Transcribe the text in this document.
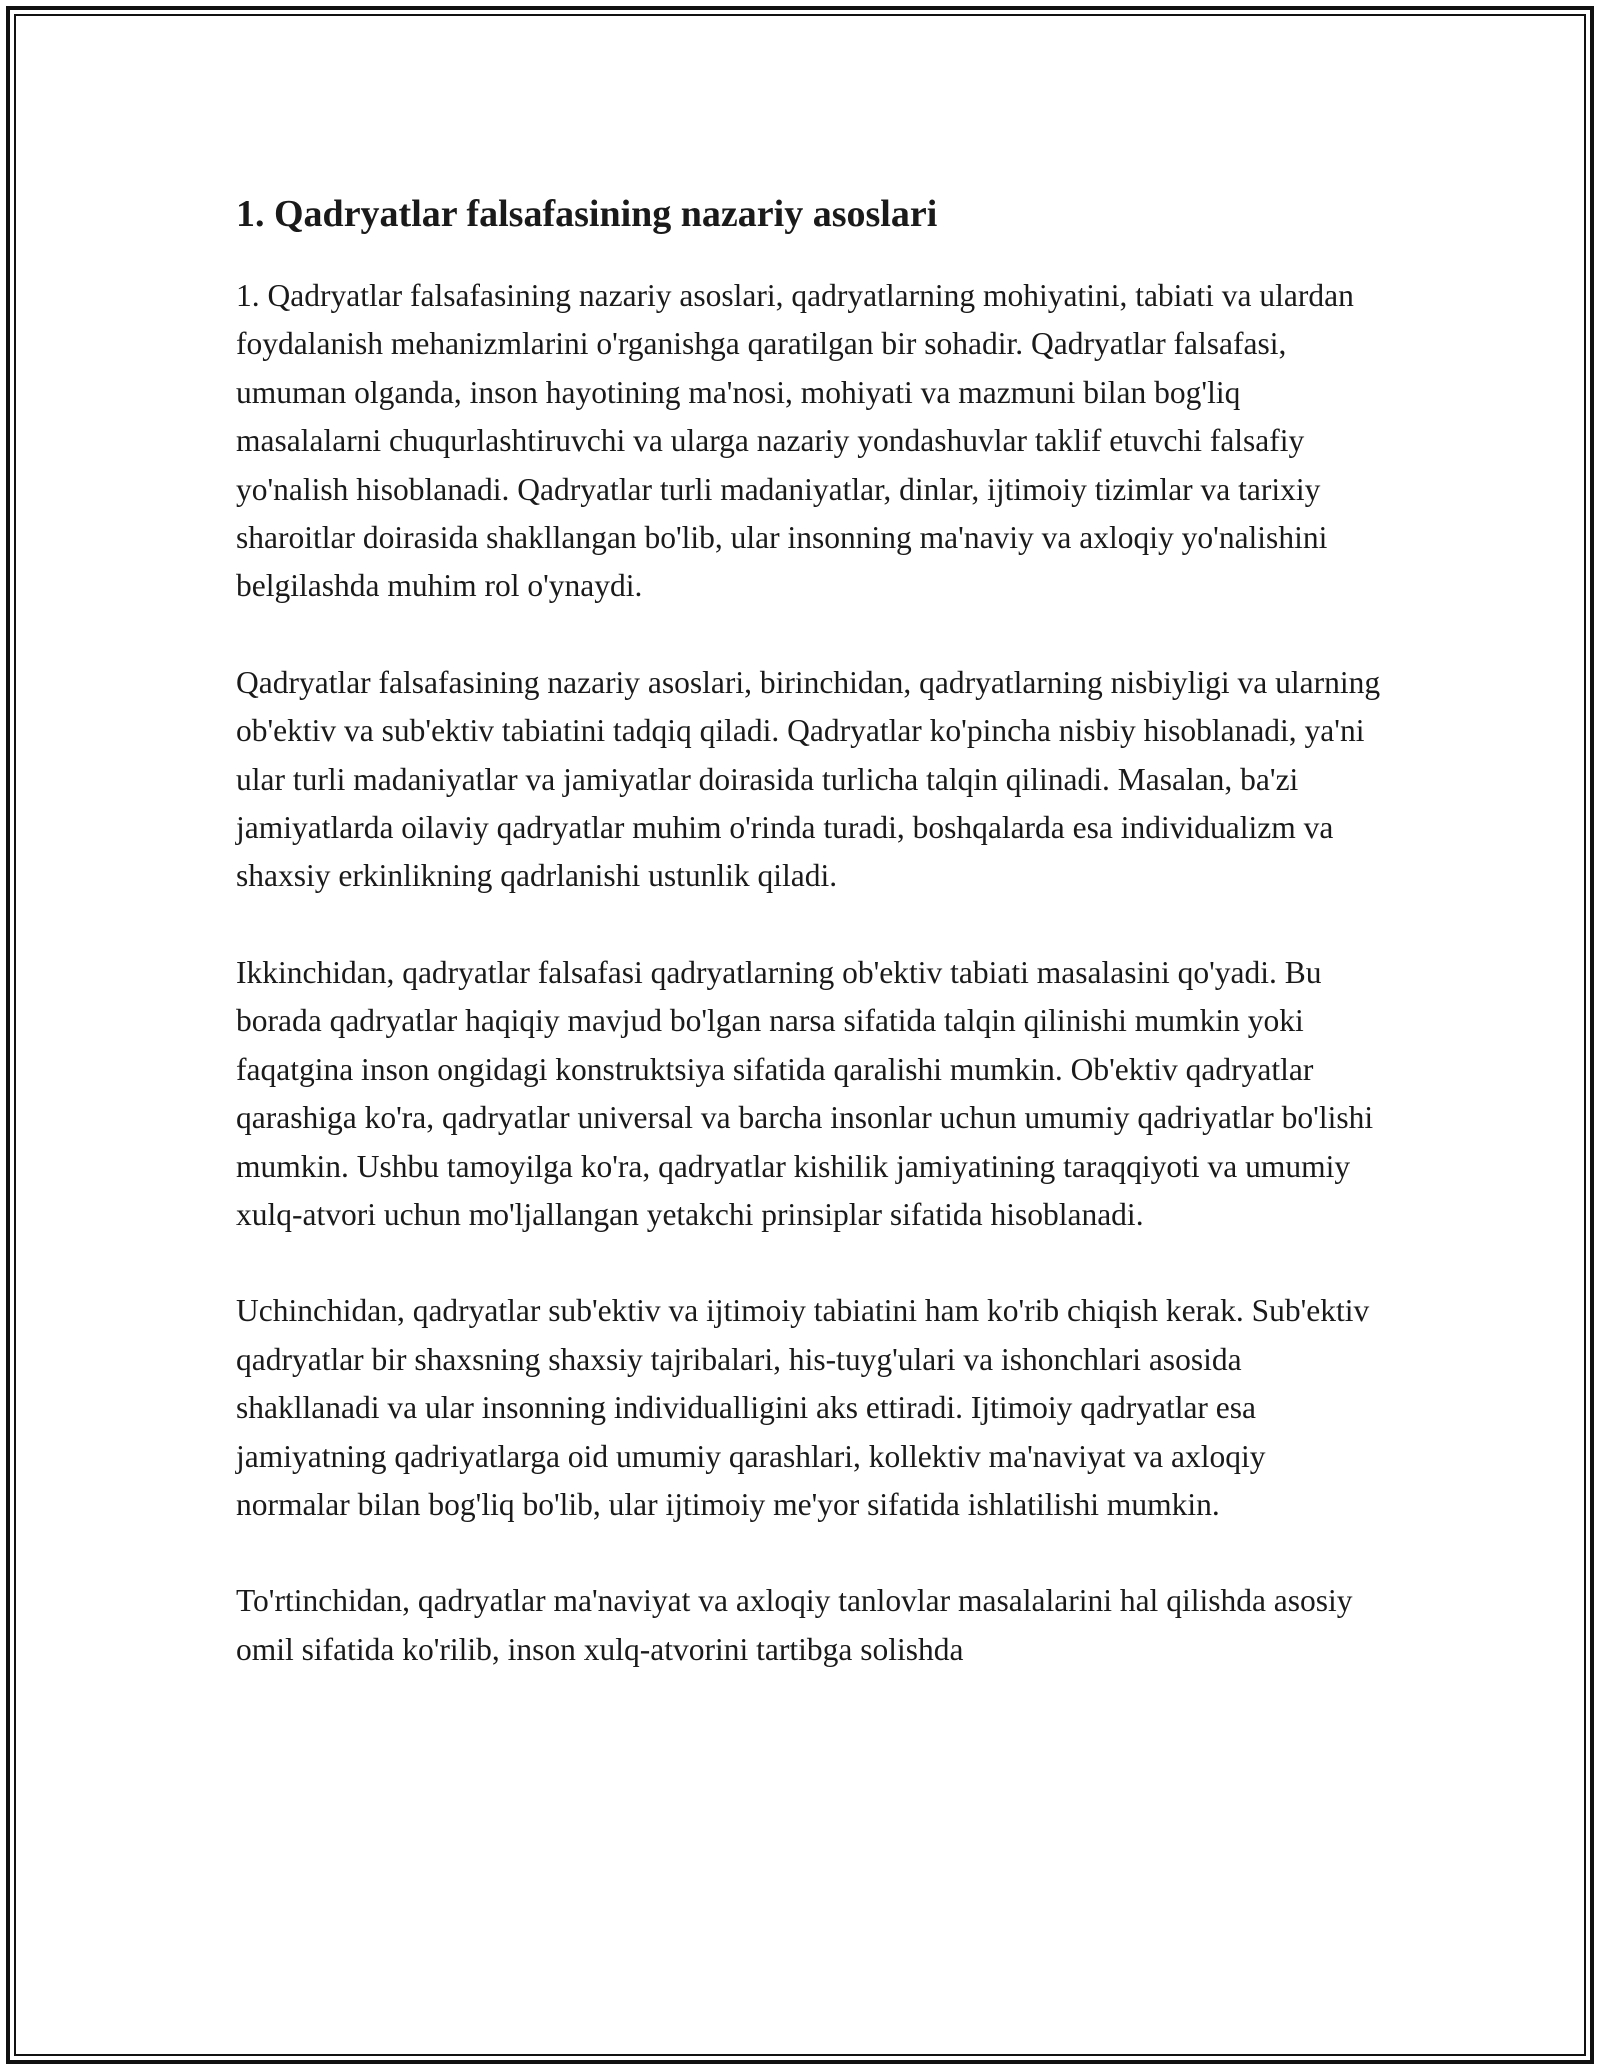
1. Qadryatlar falsafasining nazariy asoslari

1. Qadryatlar falsafasining nazariy asoslari, qadryatlarning mohiyatini, tabiati va ulardan foydalanish mehanizmlarini o'rganishga qaratilgan bir sohadir. Qadryatlar falsafasi, umuman olganda, inson hayotining ma'nosi, mohiyati va mazmuni bilan bog'liq masalalarni chuqurlashtiruvchi va ularga nazariy yondashuvlar taklif etuvchi falsafiy yo'nalish hisoblanadi. Qadryatlar turli madaniyatlar, dinlar, ijtimoiy tizimlar va tarixiy sharoitlar doirasida shakllangan bo'lib, ular insonning ma'naviy va axloqiy yo'nalishini belgilashda muhim rol o'ynaydi.

Qadryatlar falsafasining nazariy asoslari, birinchidan, qadryatlarning nisbiyligi va ularning ob'ektiv va sub'ektiv tabiatini tadqiq qiladi. Qadryatlar ko'pincha nisbiy hisoblanadi, ya'ni ular turli madaniyatlar va jamiyatlar doirasida turlicha talqin qilinadi. Masalan, ba'zi jamiyatlarda oilaviy qadryatlar muhim o'rinda turadi, boshqalarda esa individualizm va shaxsiy erkinlikning qadrlanishi ustunlik qiladi.

Ikkinchidan, qadryatlar falsafasi qadryatlarning ob'ektiv tabiati masalasini qo'yadi. Bu borada qadryatlar haqiqiy mavjud bo'lgan narsa sifatida talqin qilinishi mumkin yoki faqatgina inson ongidagi konstruktsiya sifatida qaralishi mumkin. Ob'ektiv qadryatlar qarashiga ko'ra, qadryatlar universal va barcha insonlar uchun umumiy qadriyatlar bo'lishi mumkin. Ushbu tamoyilga ko'ra, qadryatlar kishilik jamiyatining taraqqiyoti va umumiy xulq-atvori uchun mo'ljallangan yetakchi prinsiplar sifatida hisoblanadi.

Uchinchidan, qadryatlar sub'ektiv va ijtimoiy tabiatini ham ko'rib chiqish kerak. Sub'ektiv qadryatlar bir shaxsning shaxsiy tajribalari, his-tuyg'ulari va ishonchlari asosida shakllanadi va ular insonning individualligini aks ettiradi. Ijtimoiy qadryatlar esa jamiyatning qadriyatlarga oid umumiy qarashlari, kollektiv ma'naviyat va axloqiy normalar bilan bog'liq bo'lib, ular ijtimoiy me'yor sifatida ishlatilishi mumkin.

To'rtinchidan, qadryatlar ma'naviyat va axloqiy tanlovlar masalalarini hal qilishda asosiy omil sifatida ko'rilib, inson xulq-atvorini tartibga solishda
